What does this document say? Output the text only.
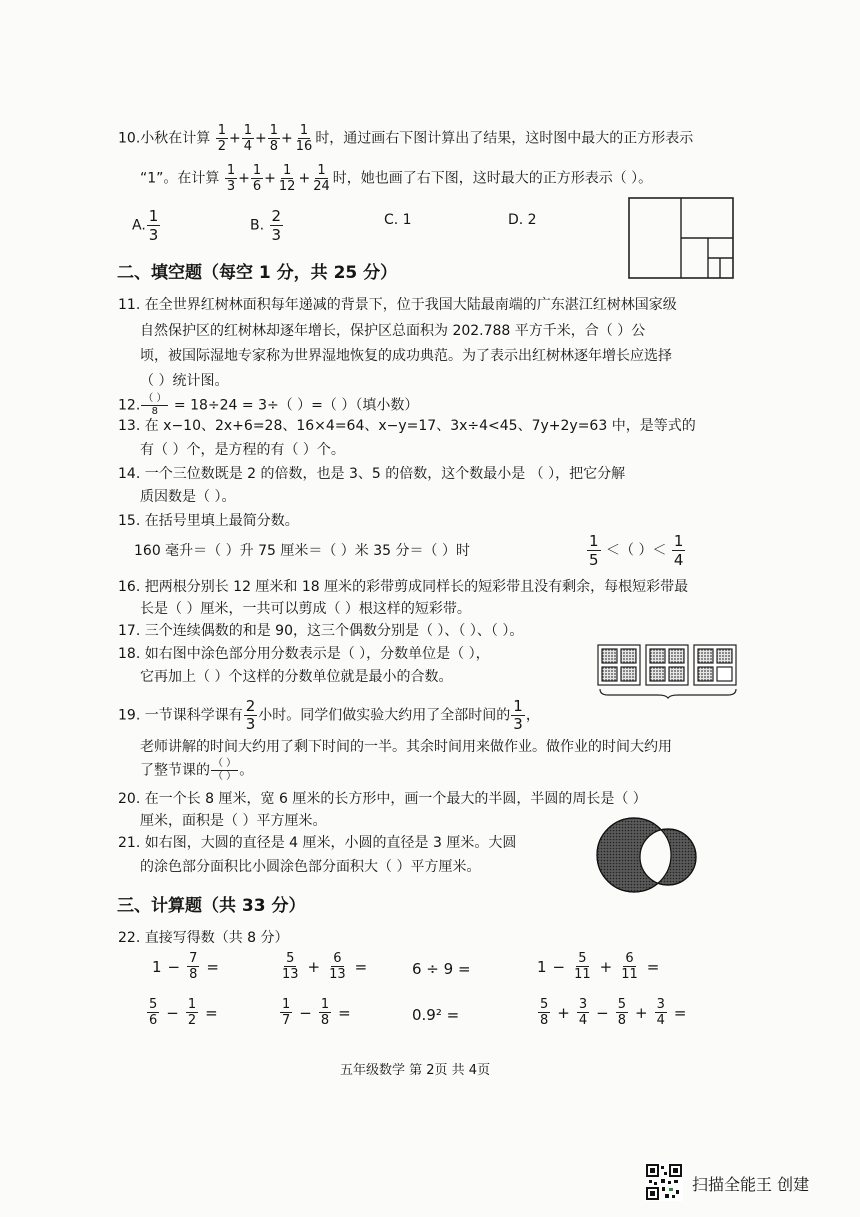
10.小秋在计算 $\frac{1}{2} + \frac{1}{4} + \frac{1}{8} + \frac{1}{16}$ 时，通过画右下图计算出了结果，这时图中最大的正方形表示
“1”。在计算 $\frac{1}{3} + \frac{1}{6} + \frac{1}{12} + \frac{1}{24}$ 时，她也画了右下图，这时最大的正方形表示（ ）。
A. $\frac{1}{3}$	B. $\frac{2}{3}$	C. 1	D. 2
二、填空题（每空 1 分，共 25 分）
11. 在全世界红树林面积每年递减的背景下，位于我国大陆最南端的广东湛江红树林国家级
自然保护区的红树林却逐年增长，保护区总面积为 202.788 平方千米，合（ ）公
顷，被国际湿地专家称为世界湿地恢复的成功典范。为了表示出红树林逐年增长应选择
（ ）统计图。
12. $\frac{( )}{8} = 18\div 24 = 3\div$（ ）=（ ）（填小数）
13. 在 x−10、2x+6=28、16×4=64、x−y=17、3x÷4<45、7y+2y=63 中，是等式的
有（ ）个，是方程的有（ ）个。
14. 一个三位数既是 2 的倍数，也是 3、5 的倍数，这个数最小是 （ ），把它分解
质因数是（ ）。
15. 在括号里填上最简分数。
160 毫升＝（ ）升 75 厘米＝（ ）米 35 分＝（ ）时	$\frac{1}{5}$ ＜（ ）＜ $\frac{1}{4}$
16. 把两根分别长 12 厘米和 18 厘米的彩带剪成同样长的短彩带且没有剩余，每根短彩带最
长是（ ）厘米，一共可以剪成（ ）根这样的短彩带。
17. 三个连续偶数的和是 90，这三个偶数分别是（ ）、（ ）、（ ）。
18. 如右图中涂色部分用分数表示是（ ），分数单位是（ ），
它再加上（ ）个这样的分数单位就是最小的合数。
19. 一节课科学课有 $\frac{2}{3}$ 小时。同学们做实验大约用了全部时间的 $\frac{1}{3}$ ，
老师讲解的时间大约用了剩下时间的一半。其余时间用来做作业。做作业的时间大约用
了整节课的 $\frac{( )}{( )}$ 。
20. 在一个长 8 厘米，宽 6 厘米的长方形中，画一个最大的半圆，半圆的周长是（ ）
厘米，面积是（ ）平方厘米。
21. 如右图，大圆的直径是 4 厘米，小圆的直径是 3 厘米。大圆
的涂色部分面积比小圆涂色部分面积大（ ）平方厘米。
三、计算题（共 33 分）
22. 直接写得数（共 8 分）
$1 - \frac{7}{8}$ =	$\frac{5}{13} + \frac{6}{13}$ =	6 ÷ 9 =	$1 - \frac{5}{11} + \frac{6}{11}$ =
$\frac{5}{6} - \frac{1}{2}$ =	$\frac{1}{7} - \frac{1}{8}$ =	0.9² =	$\frac{5}{8} + \frac{3}{4} - \frac{5}{8} + \frac{3}{4}$ =
五年级数学 第 2页 共 4页
扫描全能王 创建
